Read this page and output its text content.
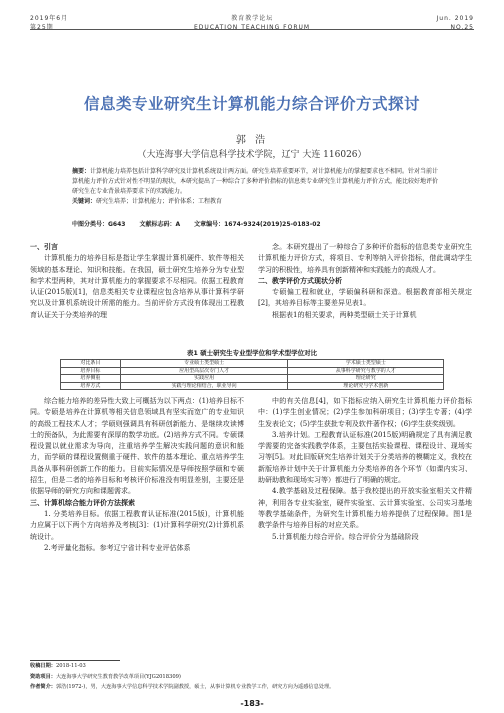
2019年6月	教育教学论坛	Jun. 2019
第25期	EDUCATION TEACHING FORUM	NO.25
信息类专业研究生计算机能力综合评价方式探讨
郭 浩
（大连海事大学信息科学技术学院，辽宁 大连 116026）
摘要：计算机能力培养包括计算科学研究及计算机系统设计两方面。研究生培养重要环节，对计算机能力的掌握要求也不相同。针对当前计算机能力评价方式针对性不明显的现状，本研究提出了一种综合了多种评价指标的信息类专业研究生计算机能力评价方式，能比较好地评价研究生在专业背景培养要求下的实践能力。
关键词：研究生培养；计算机能力；评价体系；工程教育
中图分类号：G643 文献标志码：A 文章编号：1674-9324(2019)25-0183-02

一、引言

计算机能力的培养目标是指让学生掌握计算机硬件、软件等相关领域的基本理论、知识和技能。在我国，硕士研究生培养分为专业型和学术型两种，其对计算机能力的掌握要求不尽相同。依据工程教育认证(2015版)[1]，信息类相关专业课程应包含培养从事计算科学研究以及计算机系统设计所需的能力。当前评价方式没有体现出工程教育认证关于分类培养的理

念。本研究提出了一种综合了多种评价指标的信息类专业研究生计算机能力评价方式，将项目、专利等纳入评价指标，借此调动学生学习的积极性，培养具有创新精神和实践能力的高级人才。

二、教学评价方式现状分析

专硕偏工程和就业，学硕偏科研和深造。根据教育部相关规定[2]，其培养目标等主要差异见表1。

根据表1的相关要求，两种类型硕士关于计算机

表1 硕士研究生专业型学位和学术型学位对比
对比条目	专业硕士类型硕士	学术硕士类型硕士
培养目标	应用型高层次专门人才	从事科学研究与教学的人才
培养侧重	实践应用	理论研究
培养方式	实践与理论相结合，职业导向	理论研究与学术创新

综合能力培养的差异性大致上可概括为以下两点：(1)培养目标不同。专硕是培养在计算机等相关信息领域具有坚实而宽广的专业知识的高级工程技术人才；学硕则强调具有科研创新能力、是继续攻读博士的预备队，为此需要有深厚的数学功底。(2)培养方式不同。专硕课程设置以就业需求为导向，注重培养学生解决实践问题的意识和能力，而学硕的课程设置侧重于硬件、软件的基本理论、重点培养学生具备从事科研创新工作的能力。目前实际情况是导师按照学硕和专硕招生，但是二者的培养目标和考核评价标准没有明显差别，主要还是依据导师的研究方向和课题需求。

三、计算机综合能力评价方法探索

1. 分类培养目标。依据工程教育认证标准(2015版)，计算机能力应属于以下两个方向培养及考核[3]：(1)计算科学研究(2)计算机系统设计。

2.考评量化指标。参考辽宁省计科专业评估体系

中的有关信息[4]，如下指标应纳入研究生计算机能力评价指标中：(1)学生创业情况；(2)学生参加科研项目；(3)学生专著；(4)学生发表论文；(5)学生获批专利及软件著作权；(6)学生获奖级别。

3.培养计划。工程教育认证标准(2015版)明确规定了具有满足教学需要的完备实践教学体系，主要包括实验课程、课程设计、现场实习等[5]。对此旧版研究生培养计划关于分类培养的模糊定义，我校在新版培养计划中关于计算机能力分类培养的各个环节（如课内实习、助研助教和现场实习等）都进行了明确的规定。

4.教学基础及过程保障。基于我校提出的开放实验室相关文件精神，利用各专业实验室，硬件实验室、云计算实验室、公司实习基地等教学基础条件，为研究生计算机能力培养提供了过程保障。图1是教学条件与培养目标的对应关系。

5.计算机能力综合评价。综合评价分为基础阶段

收稿日期：2018-11-03
资助项目：大连海事大学研究生教育教学改革项目(YJG2018309)
作者简介：郭浩(1972-)，男，大连海事大学信息科学技术学院副教授，硕士，从事计算机专业教学工作，研究方向为遥感信息处理。
-183-
